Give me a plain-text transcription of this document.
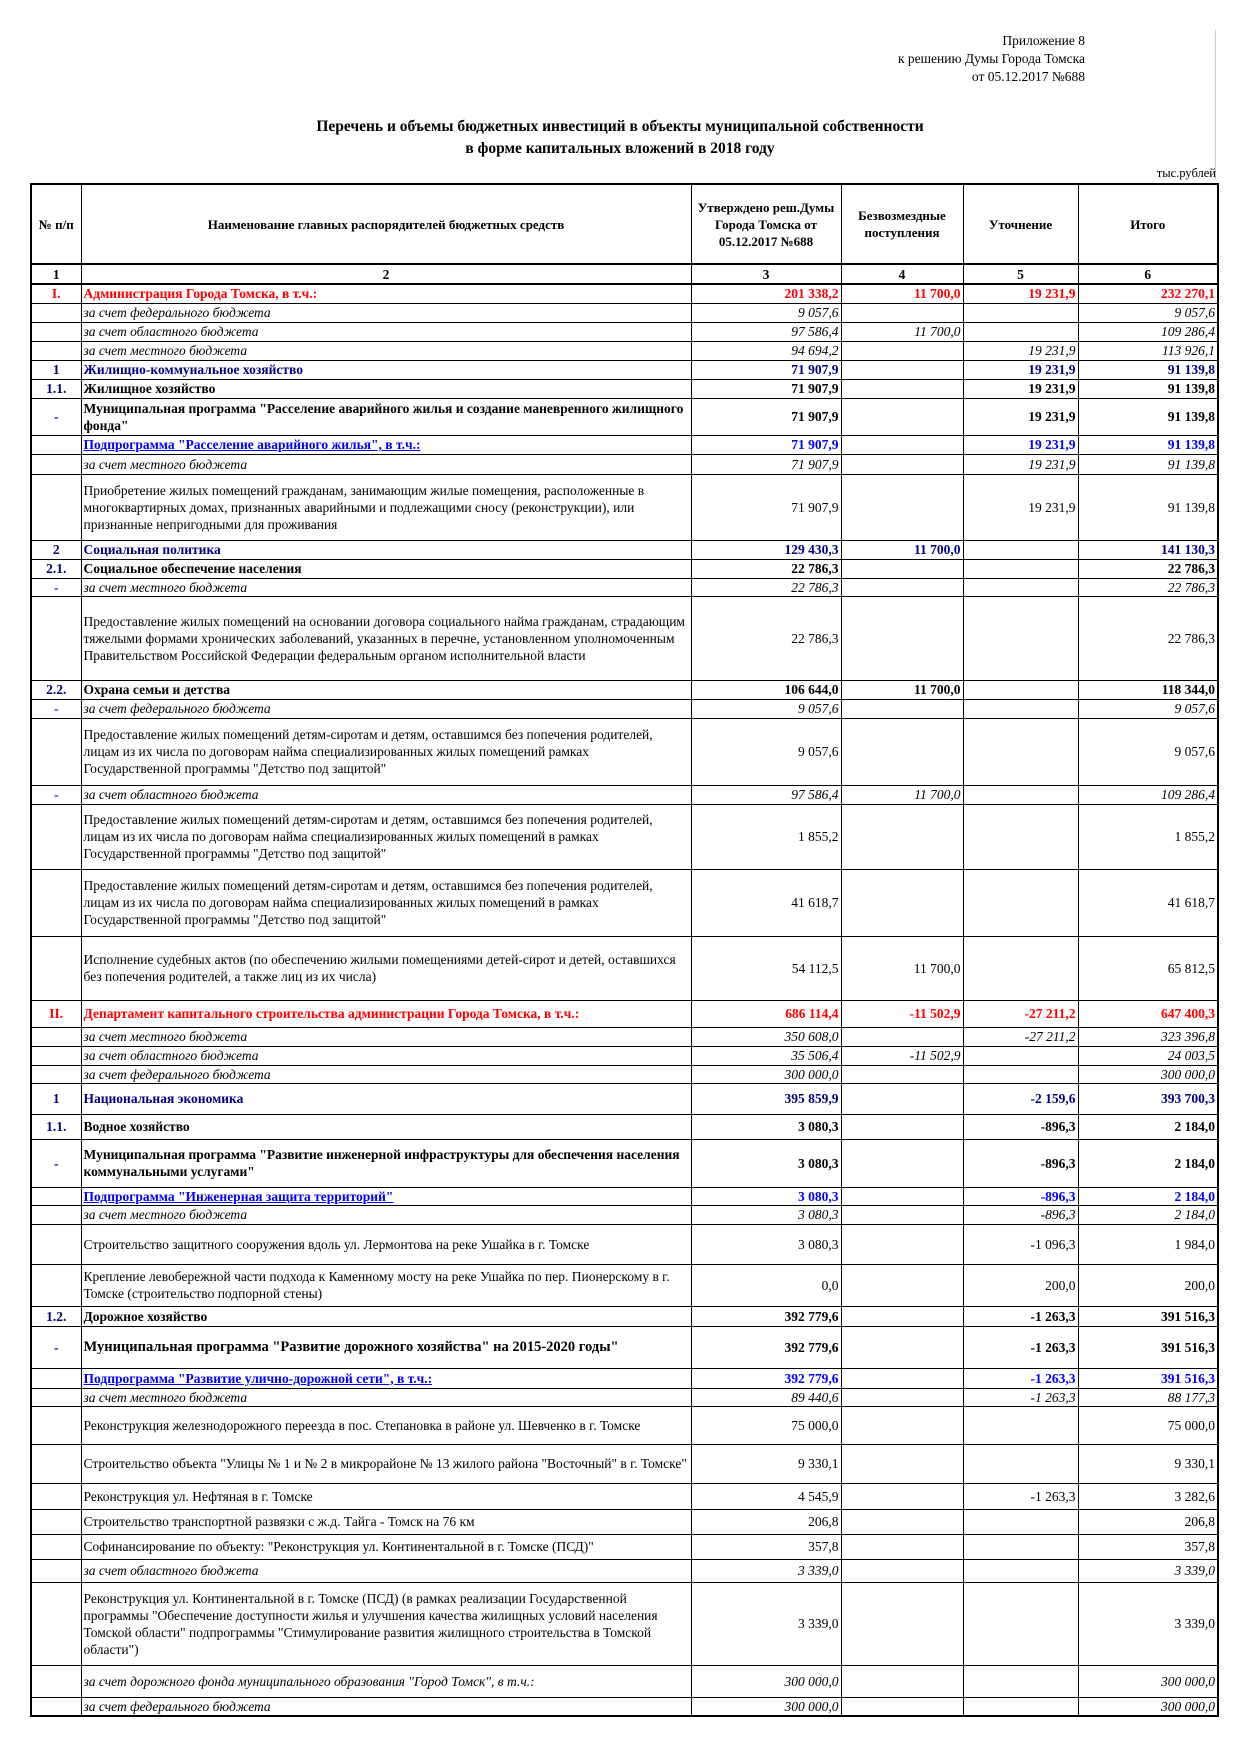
Приложение 8
к решению Думы Города Томска
от 05.12.2017 №688
Перечень и объемы бюджетных инвестиций в объекты муниципальной собственности
в форме капитальных вложений в 2018 году
тыс.рублей
№ п/п	Наименование главных распорядителей бюджетных средств	Утверждено реш.Думы Города Томска от 05.12.2017 №688	Безвозмездные поступления	Уточнение	Итого
1	2	3	4	5	6
I.	Администрация Города Томска, в т.ч.:	201 338,2	11 700,0	19 231,9	232 270,1
	за счет федерального бюджета	9 057,6			9 057,6
	за счет областного бюджета	97 586,4	11 700,0		109 286,4
	за счет местного бюджета	94 694,2		19 231,9	113 926,1
1	Жилищно-коммунальное хозяйство	71 907,9		19 231,9	91 139,8
1.1.	Жилищное хозяйство	71 907,9		19 231,9	91 139,8
-	Муниципальная программа "Расселение аварийного жилья и создание маневренного жилищного фонда"	71 907,9		19 231,9	91 139,8
	Подпрограмма "Расселение аварийного жилья", в т.ч.:	71 907,9		19 231,9	91 139,8
	за счет местного бюджета	71 907,9		19 231,9	91 139,8
	Приобретение жилых помещений гражданам, занимающим жилые помещения, расположенные в многоквартирных домах, признанных аварийными и подлежащими сносу (реконструкции), или признанные непригодными для проживания	71 907,9		19 231,9	91 139,8
2	Социальная политика	129 430,3	11 700,0		141 130,3
2.1.	Социальное обеспечение населения	22 786,3			22 786,3
-	за счет местного бюджета	22 786,3			22 786,3
	Предоставление жилых помещений на основании договора социального найма гражданам, страдающим тяжелыми формами хронических заболеваний, указанных в перечне, установленном уполномоченным Правительством Российской Федерации федеральным органом исполнительной власти	22 786,3			22 786,3
2.2.	Охрана семьи и детства	106 644,0	11 700,0		118 344,0
-	за счет федерального бюджета	9 057,6			9 057,6
	Предоставление жилых помещений детям-сиротам и детям, оставшимся без попечения родителей, лицам из их числа по договорам найма специализированных жилых помещений рамках Государственной программы "Детство под защитой"	9 057,6			9 057,6
-	за счет областного бюджета	97 586,4	11 700,0		109 286,4
	Предоставление жилых помещений детям-сиротам и детям, оставшимся без попечения родителей, лицам из их числа по договорам найма специализированных жилых помещений в рамках Государственной программы "Детство под защитой"	1 855,2			1 855,2
	Предоставление жилых помещений детям-сиротам и детям, оставшимся без попечения родителей, лицам из их числа по договорам найма специализированных жилых помещений в рамках Государственной программы "Детство под защитой"	41 618,7			41 618,7
	Исполнение судебных актов (по обеспечению жилыми помещениями детей-сирот и детей, оставшихся без попечения родителей, а также лиц из их числа)	54 112,5	11 700,0		65 812,5
II.	Департамент капитального строительства администрации Города Томска, в т.ч.:	686 114,4	-11 502,9	-27 211,2	647 400,3
	за счет местного бюджета	350 608,0		-27 211,2	323 396,8
	за счет областного бюджета	35 506,4	-11 502,9		24 003,5
	за счет федерального бюджета	300 000,0			300 000,0
1	Национальная экономика	395 859,9		-2 159,6	393 700,3
1.1.	Водное хозяйство	3 080,3		-896,3	2 184,0
-	Муниципальная программа "Развитие инженерной инфраструктуры для обеспечения населения коммунальными услугами"	3 080,3		-896,3	2 184,0
	Подпрограмма "Инженерная защита территорий"	3 080,3		-896,3	2 184,0
	за счет местного бюджета	3 080,3		-896,3	2 184,0
	Строительство защитного сооружения вдоль ул. Лермонтова на реке Ушайка в г. Томске	3 080,3		-1 096,3	1 984,0
	Крепление левобережной части подхода к Каменному мосту на реке Ушайка по пер. Пионерскому в г. Томске (строительство подпорной стены)	0,0		200,0	200,0
1.2.	Дорожное хозяйство	392 779,6		-1 263,3	391 516,3
-	Муниципальная программа "Развитие дорожного хозяйства" на 2015-2020 годы"	392 779,6		-1 263,3	391 516,3
	Подпрограмма "Развитие улично-дорожной сети", в т.ч.:	392 779,6		-1 263,3	391 516,3
	за счет местного бюджета	89 440,6		-1 263,3	88 177,3
	Реконструкция железнодорожного переезда в пос. Степановка в районе ул. Шевченко в г. Томске	75 000,0			75 000,0
	Строительство объекта "Улицы № 1 и № 2 в микрорайоне № 13 жилого района "Восточный" в г. Томске"	9 330,1			9 330,1
	Реконструкция ул. Нефтяная в г. Томске	4 545,9		-1 263,3	3 282,6
	Строительство транспортной развязки с ж.д. Тайга - Томск на 76 км	206,8			206,8
	Софинансирование по объекту: "Реконструкция ул. Континентальной в г. Томске (ПСД)"	357,8			357,8
	за счет областного бюджета	3 339,0			3 339,0
	Реконструкция ул. Континентальной в г. Томске (ПСД) (в рамках реализации Государственной программы "Обеспечение доступности жилья и улучшения качества жилищных условий населения Томской области" подпрограммы "Стимулирование развития жилищного строительства в Томской области")	3 339,0			3 339,0
	за счет дорожного фонда муниципального образования "Город Томск", в т.ч.:	300 000,0			300 000,0
	за счет федерального бюджета	300 000,0			300 000,0
